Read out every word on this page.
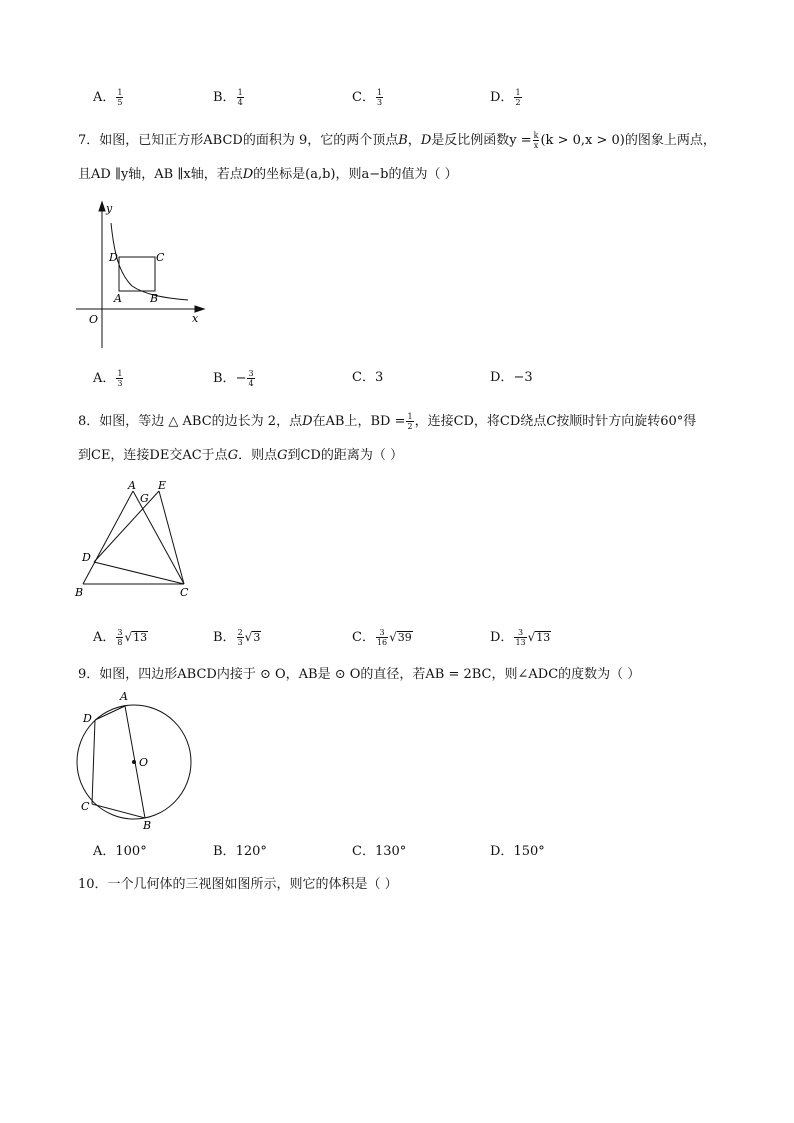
A． $\frac{1}{5}$	B． $\frac{1}{4}$	C． $\frac{1}{3}$	D． $\frac{1}{2}$
7．如图，已知正方形ABCD的面积为 9，它的两个顶点B，D是反比例函数$y = \frac{k}{x} (k > 0,x > 0)$的图象上两点，
且AD ∥y轴，AB ∥x轴，若点D的坐标是(a,b)，则a−b的值为（ ）
y
x
O
D	C
A	B
A． $\frac{1}{3}$	B．− $\frac{3}{4}$	C．3	D．−3
8．如图，等边 △ ABC的边长为 2，点D在AB上，BD = $\frac{1}{2}$ ，连接CD，将CD绕点C按顺时针方向旋转60°得
到CE，连接DE交AC于点G．则点G到CD的距离为（ ）
A
G
E
D
B	C
A． $\frac{3}{8} √13$	B． $\frac{2}{3} √3$	C． $\frac{3}{16} √39$	D． $\frac{3}{13} √13$
9．如图，四边形ABCD内接于 ⊙ O，AB是 ⊙ O的直径，若AB = 2BC，则∠ADC的度数为（ ）
A
D
O
C
B
A．100°	B．120°	C．130°	D．150°
10．一个几何体的三视图如图所示，则它的体积是（ ）
